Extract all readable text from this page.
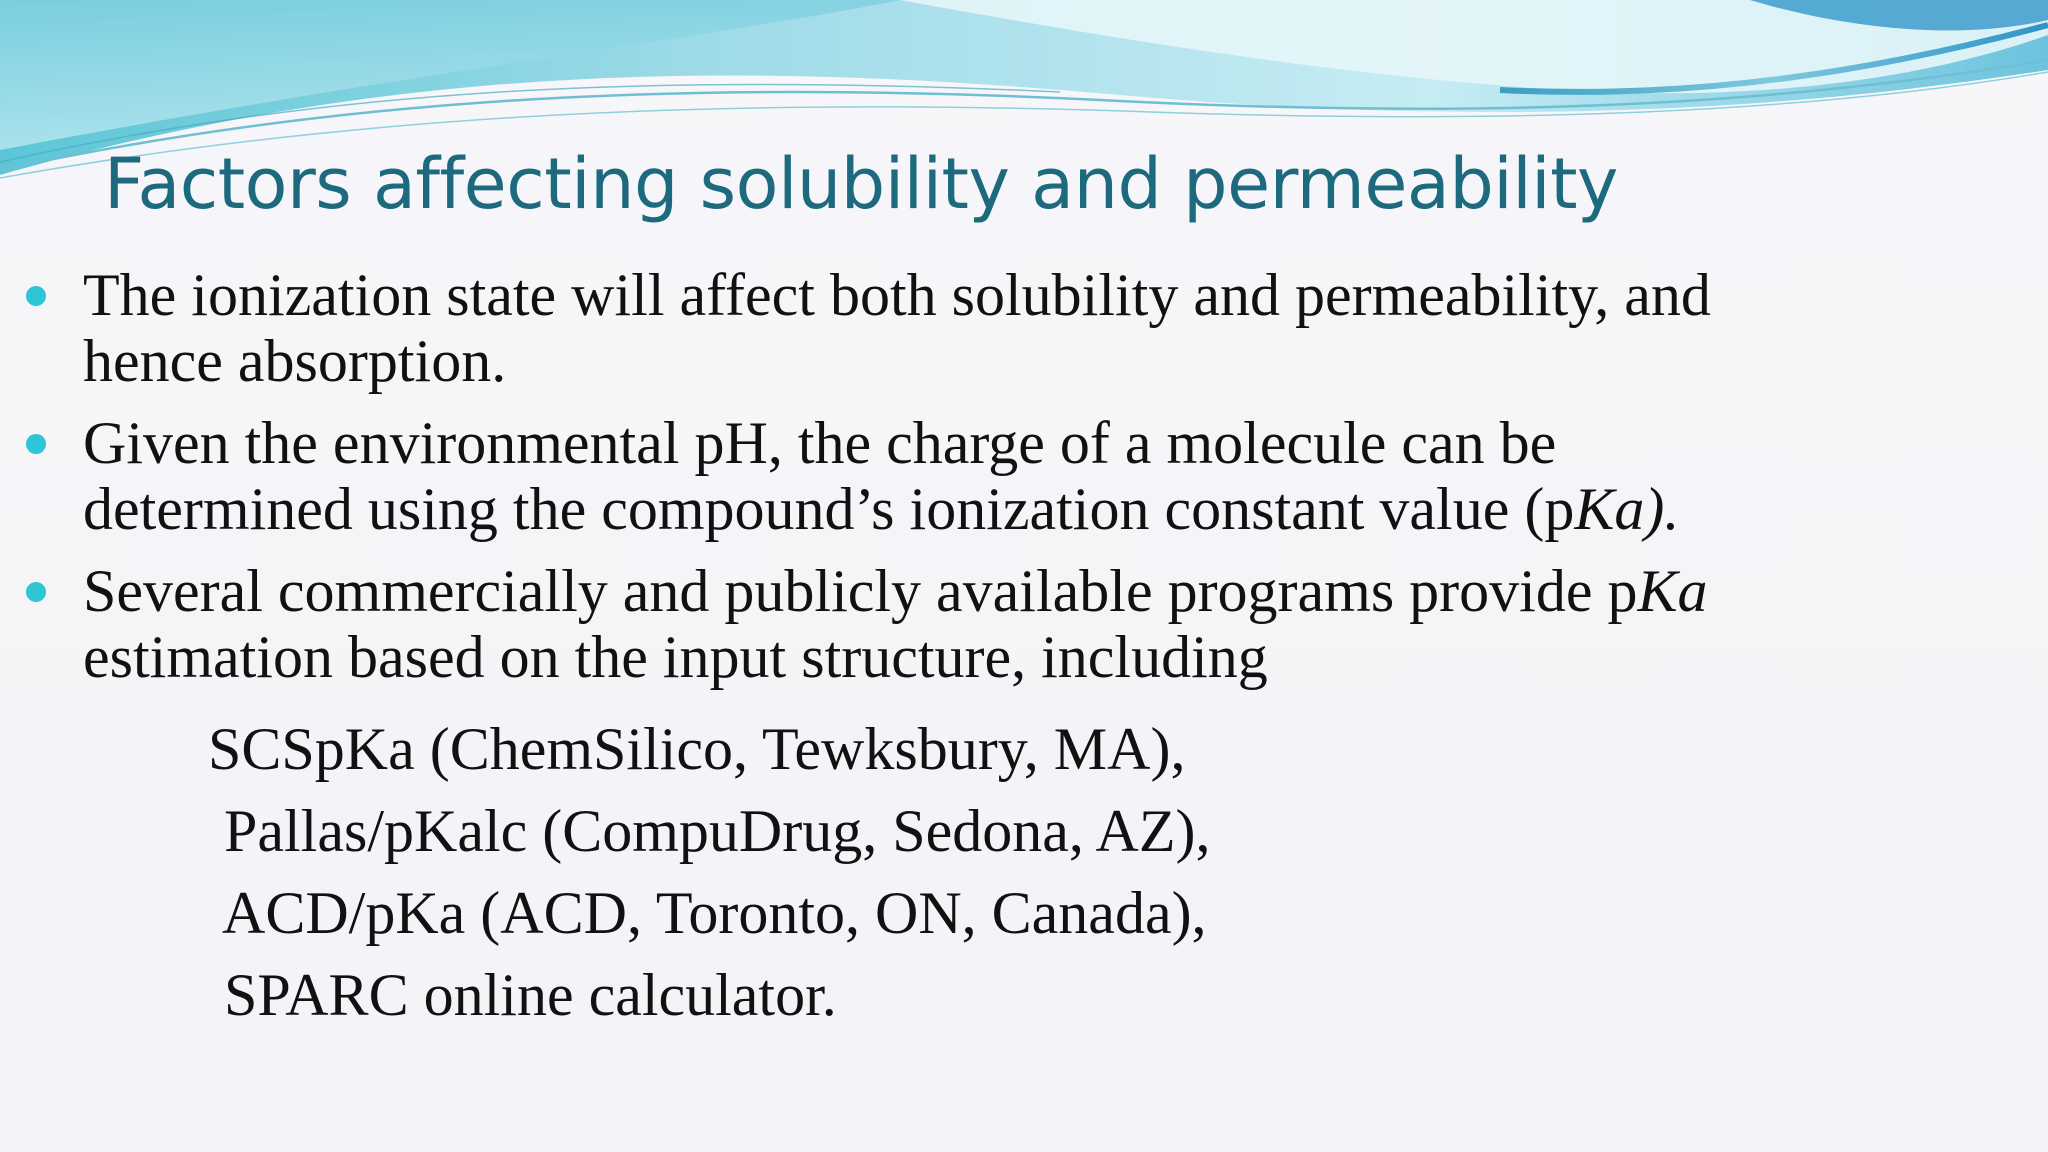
Factors affecting solubility and permeability
The ionization state will affect both solubility and permeability, and
hence absorption.
Given the environmental pH, the charge of a molecule can be
determined using the compound’s ionization constant value (pKa).
Several commercially and publicly available programs provide pKa
estimation based on the input structure, including
SCSpKa (ChemSilico, Tewksbury, MA),
Pallas/pKalc (CompuDrug, Sedona, AZ),
ACD/pKa (ACD, Toronto, ON, Canada),
SPARC online calculator.
